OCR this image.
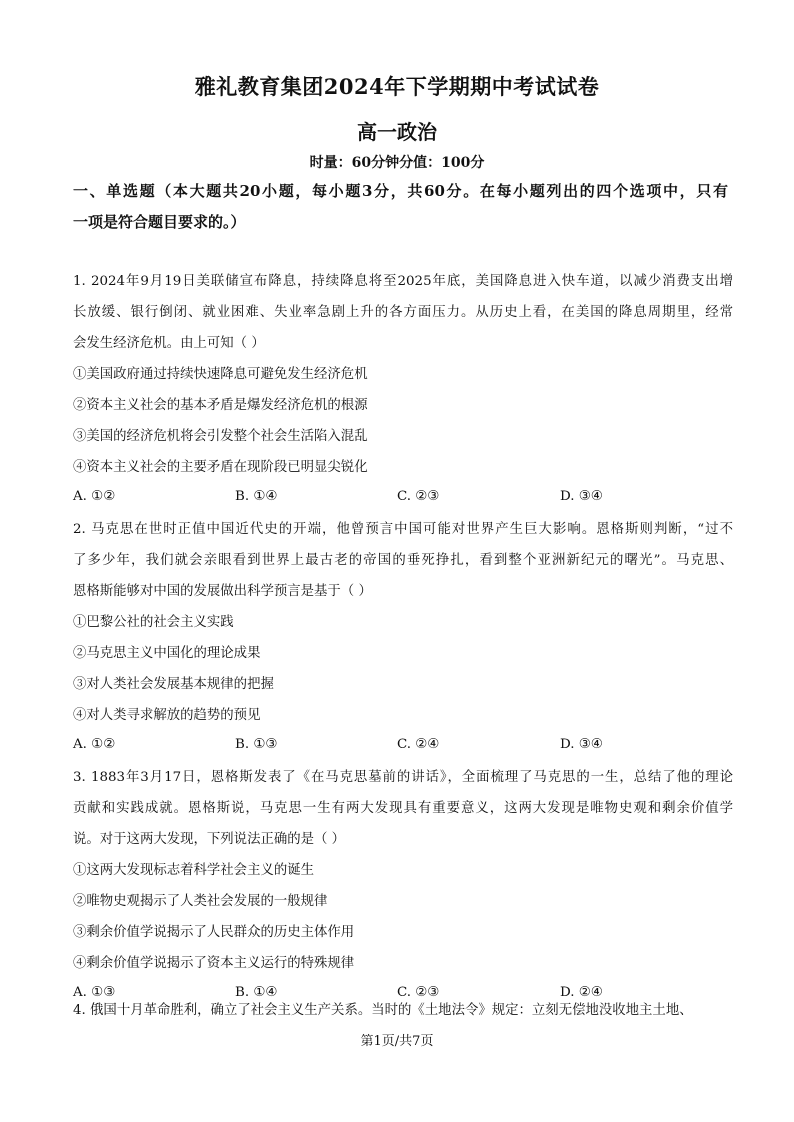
雅礼教育集团2024年下学期期中考试试卷
高一政治
时量：60分钟分值：100分
一、单选题（本大题共20小题，每小题3分，共60分。在每小题列出的四个选项中，只有
一项是符合题目要求的。）
1. 2024年9月19日美联储宣布降息，持续降息将至2025年底，美国降息进入快车道，以减少消费支出增
长放缓、银行倒闭、就业困难、失业率急剧上升的各方面压力。从历史上看，在美国的降息周期里，经常
会发生经济危机。由上可知（ ）
①美国政府通过持续快速降息可避免发生经济危机
②资本主义社会的基本矛盾是爆发经济危机的根源
③美国的经济危机将会引发整个社会生活陷入混乱
④资本主义社会的主要矛盾在现阶段已明显尖锐化
A. ①②	B. ①④	C. ②③	D. ③④
2. 马克思在世时正值中国近代史的开端，他曾预言中国可能对世界产生巨大影响。恩格斯则判断，“过不
了多少年，我们就会亲眼看到世界上最古老的帝国的垂死挣扎，看到整个亚洲新纪元的曙光”。马克思、
恩格斯能够对中国的发展做出科学预言是基于（ ）
①巴黎公社的社会主义实践
②马克思主义中国化的理论成果
③对人类社会发展基本规律的把握
④对人类寻求解放的趋势的预见
A. ①②	B. ①③	C. ②④	D. ③④
3. 1883年3月17日，恩格斯发表了《在马克思墓前的讲话》，全面梳理了马克思的一生，总结了他的理论
贡献和实践成就。恩格斯说，马克思一生有两大发现具有重要意义，这两大发现是唯物史观和剩余价值学
说。对于这两大发现，下列说法正确的是（ ）
①这两大发现标志着科学社会主义的诞生
②唯物史观揭示了人类社会发展的一般规律
③剩余价值学说揭示了人民群众的历史主体作用
④剩余价值学说揭示了资本主义运行的特殊规律
A. ①③	B. ①④	C. ②③	D. ②④
4. 俄国十月革命胜利，确立了社会主义生产关系。当时的《土地法令》规定：立刻无偿地没收地主土地、
第1页/共7页
